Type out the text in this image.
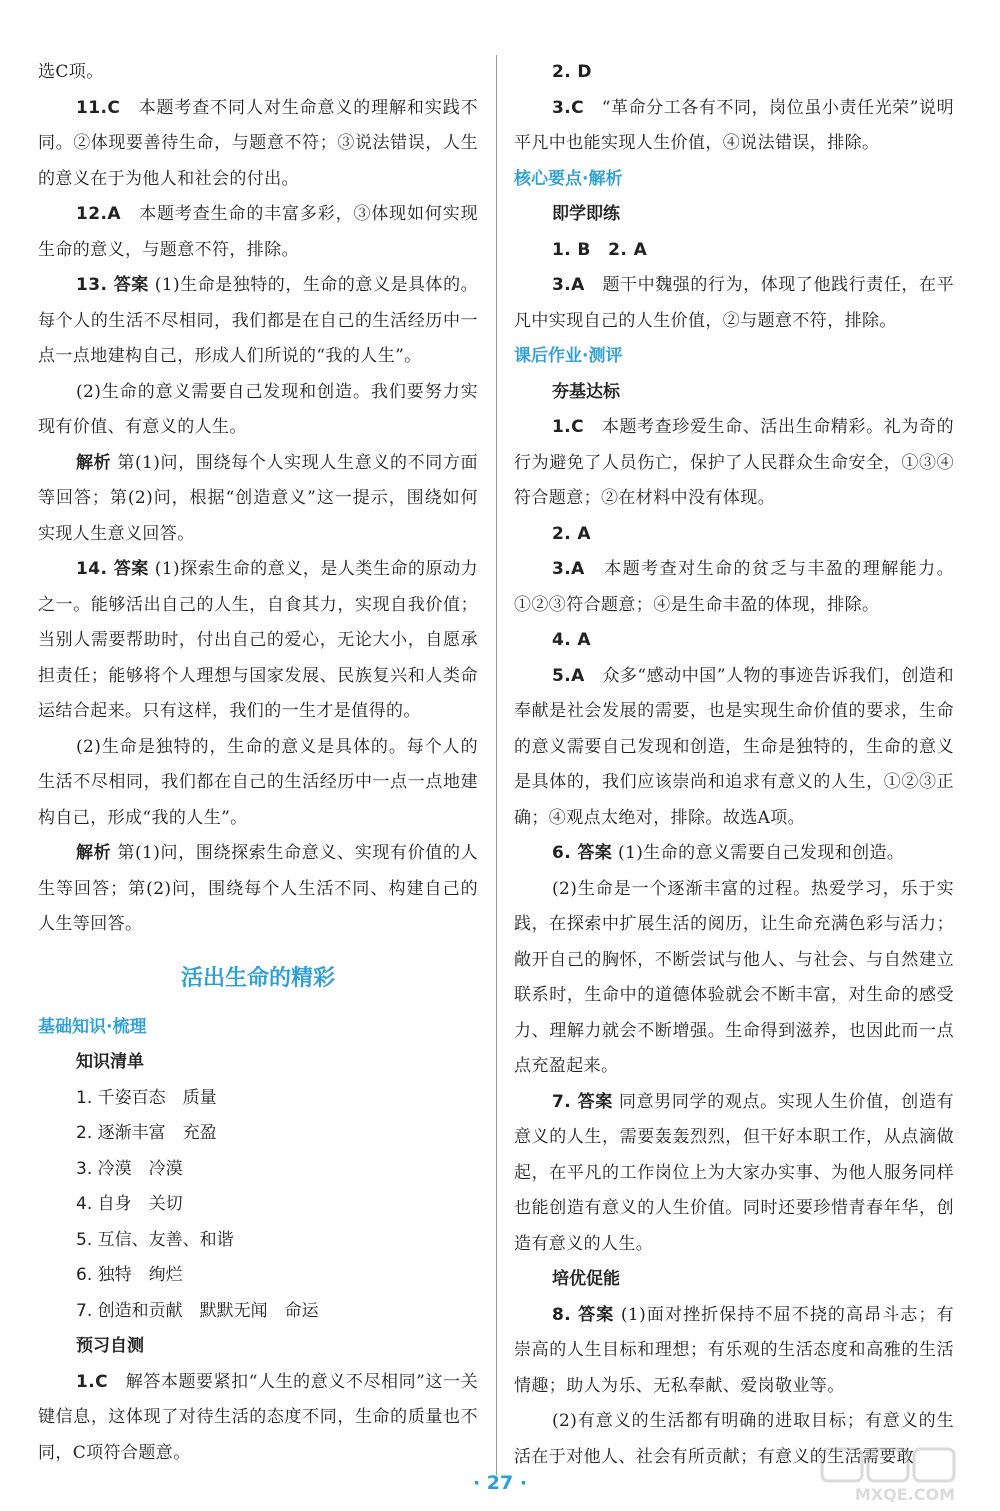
选C项。

11.C　 本题考查不同人对生命意义的理解和实践不同。②体现要善待生命，与题意不符；③说法错误，人生的意义在于为他人和社会的付出。

12.A　 本题考查生命的丰富多彩，③体现如何实现生命的意义，与题意不符，排除。

13. 答案 (1)生命是独特的，生命的意义是具体的。每个人的生活不尽相同，我们都是在自己的生活经历中一点一点地建构自己，形成人们所说的“我的人生”。

(2)生命的意义需要自己发现和创造。我们要努力实现有价值、有意义的人生。

解析 第(1)问，围绕每个人实现人生意义的不同方面等回答；第(2)问，根据“创造意义”这一提示，围绕如何实现人生意义回答。

14. 答案 (1)探索生命的意义，是人类生命的原动力之一。能够活出自己的人生，自食其力，实现自我价值；当别人需要帮助时，付出自己的爱心，无论大小，自愿承担责任；能够将个人理想与国家发展、民族复兴和人类命运结合起来。只有这样，我们的一生才是值得的。

(2)生命是独特的，生命的意义是具体的。每个人的生活不尽相同，我们都在自己的生活经历中一点一点地建构自己，形成“我的人生”。

解析 第(1)问，围绕探索生命意义、实现有价值的人生等回答；第(2)问，围绕每个人生活不同、构建自己的人生等回答。

活出生命的精彩
基础知识·梳理
知识清单
1. 千姿百态　质量
2. 逐渐丰富　充盈
3. 冷漠　冷漠
4. 自身　关切
5. 互信、友善、和谐
6. 独特　绚烂
7. 创造和贡献　默默无闻　命运
预习自测

1.C　 解答本题要紧扣“人生的意义不尽相同”这一关键信息，这体现了对待生活的态度不同，生命的质量也不同，C项符合题意。

2. D

3.C　 “革命分工各有不同，岗位虽小责任光荣”说明平凡中也能实现人生价值，④说法错误，排除。

核心要点·解析
即学即练

1. B　2. A

3.A　 题干中魏强的行为，体现了他践行责任，在平凡中实现自己的人生价值，②与题意不符，排除。

课后作业·测评
夯基达标

1.C　 本题考查珍爱生命、活出生命精彩。礼为奇的行为避免了人员伤亡，保护了人民群众生命安全，①③④符合题意；②在材料中没有体现。

2. A

3.A　 本题考查对生命的贫乏与丰盈的理解能力。①②③符合题意；④是生命丰盈的体现，排除。

4. A

5.A　 众多“感动中国”人物的事迹告诉我们，创造和奉献是社会发展的需要，也是实现生命价值的要求，生命的意义需要自己发现和创造，生命是独特的，生命的意义是具体的，我们应该崇尚和追求有意义的人生，①②③正确；④观点太绝对，排除。故选A项。

6. 答案 (1)生命的意义需要自己发现和创造。

(2)生命是一个逐渐丰富的过程。热爱学习，乐于实践，在探索中扩展生活的阅历，让生命充满色彩与活力；敞开自己的胸怀，不断尝试与他人、与社会、与自然建立联系时，生命中的道德体验就会不断丰富，对生命的感受力、理解力就会不断增强。生命得到滋养，也因此而一点点充盈起来。

7. 答案 同意男同学的观点。实现人生价值，创造有意义的人生，需要轰轰烈烈，但干好本职工作，从点滴做起，在平凡的工作岗位上为大家办实事、为他人服务同样也能创造有意义的人生价值。同时还要珍惜青春年华，创造有意义的人生。

培优促能

8. 答案 (1)面对挫折保持不屈不挠的高昂斗志；有崇高的人生目标和理想；有乐观的生活态度和高雅的生活情趣；助人为乐、无私奉献、爱岗敬业等。

(2)有意义的生活都有明确的进取目标；有意义的生活在于对他人、社会有所贡献；有意义的生活需要敢

· 27 ·
MXQE.COM
